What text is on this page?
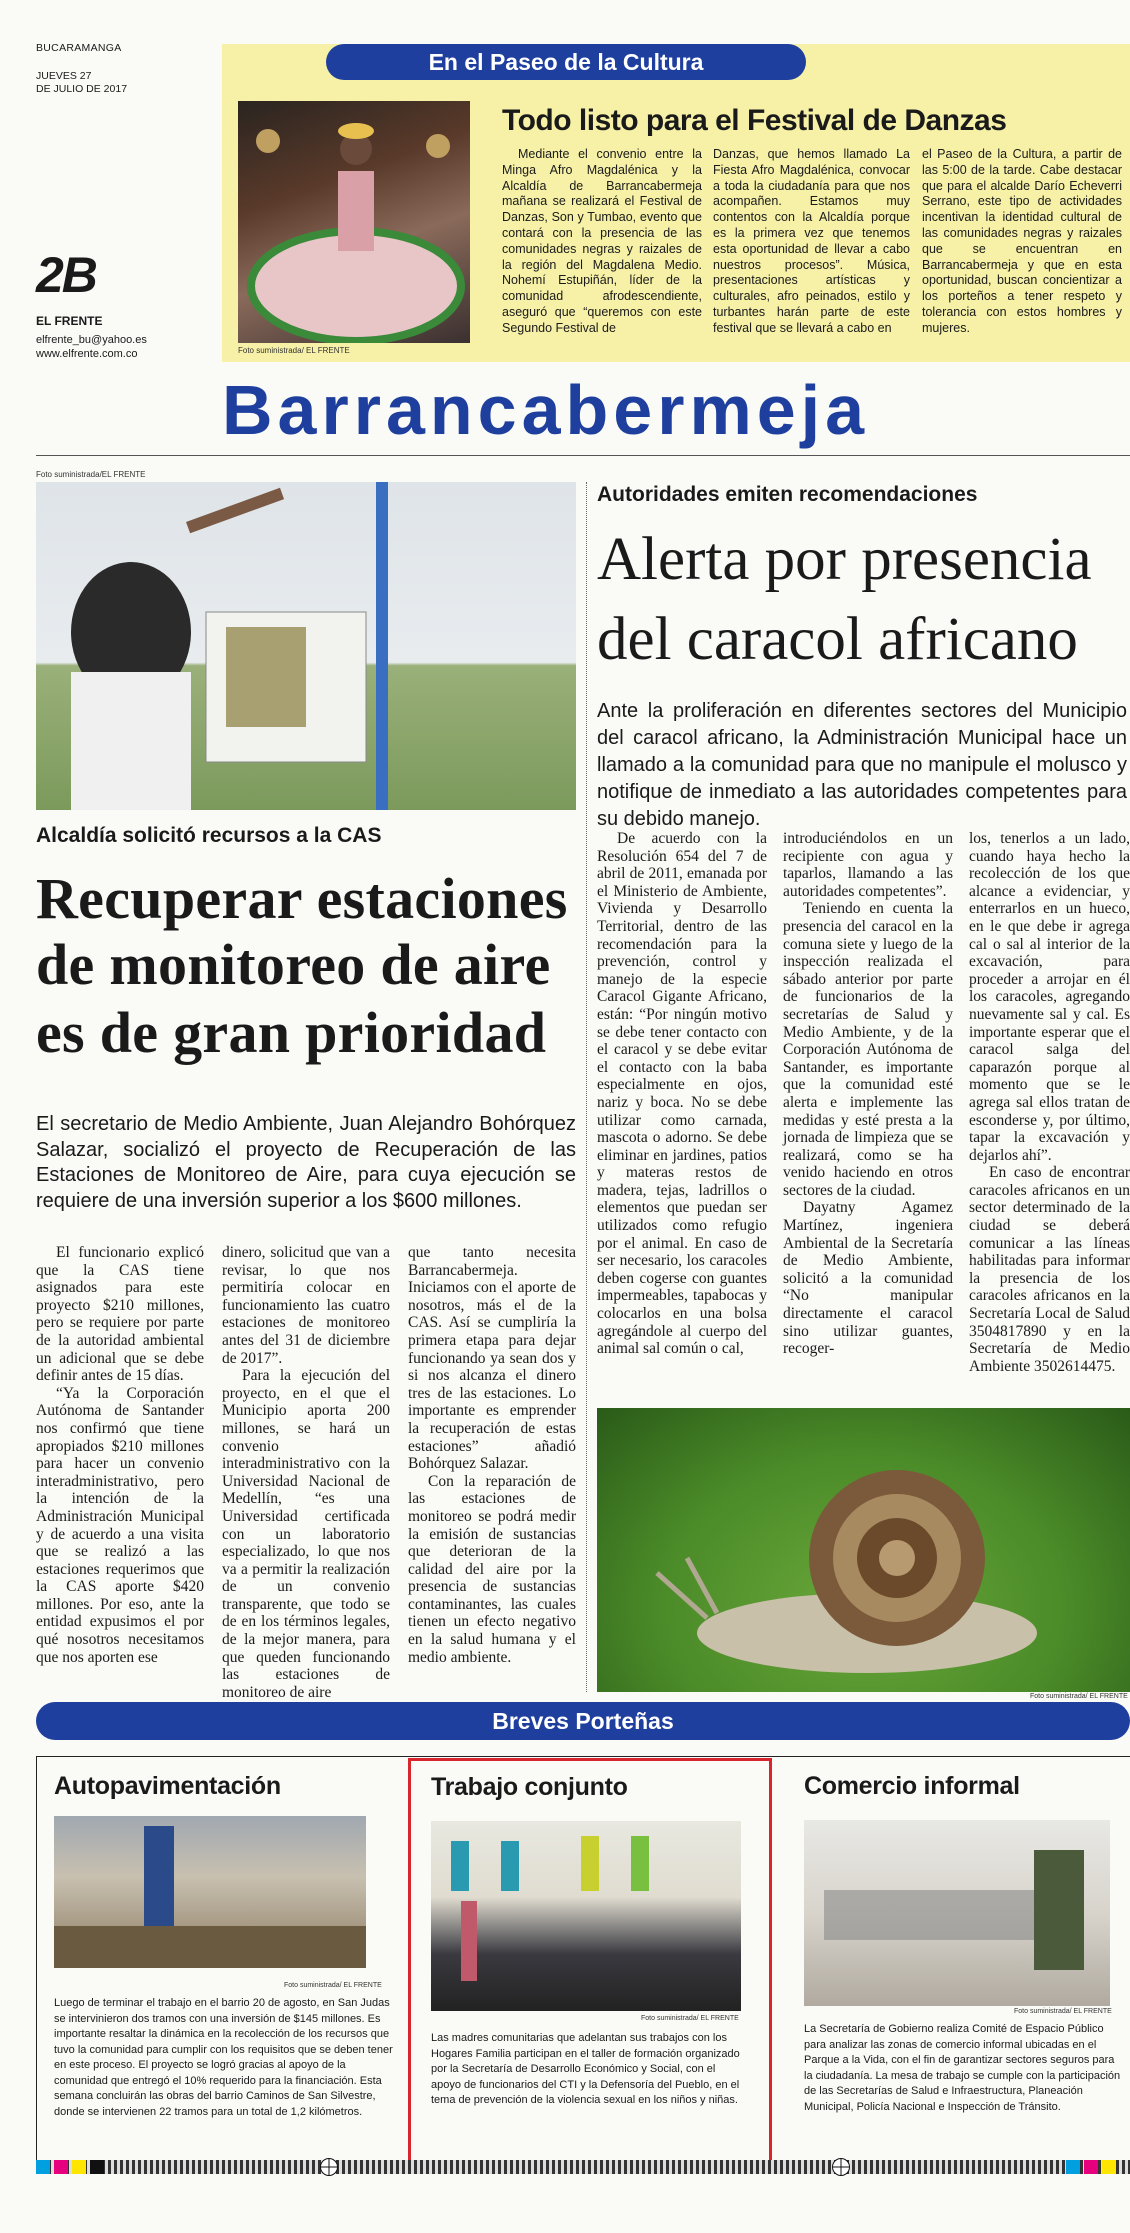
BUCARAMANGA
JUEVES 27
DE JULIO DE 2017
2B
EL FRENTE
elfrente_bu@yahoo.es
www.elfrente.com.co
En el Paseo de la Cultura
Foto suministrada/ EL FRENTE
Todo listo para el Festival de Danzas
Mediante el convenio entre la Minga Afro Magdalénica y la Alcaldía de Barrancabermeja mañana se realizará el Festival de Danzas, Son y Tumbao, evento que contará con la presencia de las comunidades negras y raizales de la región del Magdalena Medio. Nohemí Estupiñán, líder de la comunidad afrodescendiente, aseguró que “queremos con este Segundo Festival de
Danzas, que hemos llamado La Fiesta Afro Magdalénica, convocar a toda la ciudadanía para que nos acompañen. Estamos muy contentos con la Alcaldía porque es la primera vez que tenemos esta oportunidad de llevar a cabo nuestros procesos”. Música, presentaciones artísticas y culturales, afro peinados, estilo y turbantes harán parte de este festival que se llevará a cabo en
el Paseo de la Cultura, a partir de las 5:00 de la tarde. Cabe destacar que para el alcalde Darío Echeverri Serrano, este tipo de actividades incentivan la identidad cultural de las comunidades negras y raizales que se encuentran en Barrancabermeja y que en esta oportunidad, buscan concientizar a los porteños a tener respeto y tolerancia con estos hombres y mujeres.
Barrancabermeja
Foto suministrada/EL FRENTE
Alcaldía solicitó recursos a la CAS
Recuperar estaciones
de monitoreo de aire
es de gran prioridad
El secretario de Medio Ambiente, Juan Alejandro Bohórquez Salazar, socializó el proyecto de Recuperación de las Estaciones de Monitoreo de Aire, para cuya ejecución se requiere de una inversión superior a los $600 millones.

El funcionario explicó que la CAS tiene asignados para este proyecto $210 millones, pero se requiere por parte de la autoridad ambiental un adicional que se debe definir antes de 15 días.

“Ya la Corporación Autónoma de Santander nos confirmó que tiene apropiados $210 millones para hacer un convenio interadministrativo, pero la intención de la Administración Municipal y de acuerdo a una visita que se realizó a las estaciones requerimos que la CAS aporte $420 millones. Por eso, ante la entidad expusimos el por qué nosotros necesitamos que nos aporten ese

dinero, solicitud que van a revisar, lo que nos permitiría colocar en funcionamiento las cuatro estaciones de monitoreo antes del 31 de diciembre de 2017”.

Para la ejecución del proyecto, en el que el Municipio aporta 200 millones, se hará un convenio interadministrativo con la Universidad Nacional de Medellín, “es una Universidad certificada con un laboratorio especializado, lo que nos va a permitir la realización de un convenio transparente, que todo se de en los términos legales, de la mejor manera, para que queden funcionando las estaciones de monitoreo de aire

que tanto necesita Barrancabermeja. Iniciamos con el aporte de nosotros, más el de la CAS. Así se cumpliría la primera etapa para dejar funcionando ya sean dos y si nos alcanza el dinero tres de las estaciones. Lo importante es emprender la recuperación de estas estaciones” añadió Bohórquez Salazar.

Con la reparación de las estaciones de monitoreo se podrá medir la emisión de sustancias que deterioran de la calidad del aire por la presencia de sustancias contaminantes, las cuales tienen un efecto negativo en la salud humana y el medio ambiente.

Autoridades emiten recomendaciones
Alerta por presencia
del caracol africano
Ante la proliferación en diferentes sectores del Municipio del caracol africano, la Administración Municipal hace un llamado a la comunidad para que no manipule el molusco y notifique de inmediato a las autoridades competentes para su debido manejo.

De acuerdo con la Resolución 654 del 7 de abril de 2011, emanada por el Ministerio de Ambiente, Vivienda y Desarrollo Territorial, dentro de las recomendación para la prevención, control y manejo de la especie Caracol Gigante Africano, están: “Por ningún motivo se debe tener contacto con el caracol y se debe evitar el contacto con la baba especialmente en ojos, nariz y boca. No se debe utilizar como carnada, mascota o adorno. Se debe eliminar en jardines, patios y materas restos de madera, tejas, ladrillos o elementos que puedan ser utilizados como refugio por el animal. En caso de ser necesario, los caracoles deben cogerse con guantes impermeables, tapabocas y colocarlos en una bolsa agregándole al cuerpo del animal sal común o cal,

introduciéndolos en un recipiente con agua y taparlos, llamando a las autoridades competentes”.

Teniendo en cuenta la presencia del caracol en la comuna siete y luego de la inspección realizada el sábado anterior por parte de funcionarios de la secretarías de Salud y Medio Ambiente, y de la Corporación Autónoma de Santander, es importante que la comunidad esté alerta e implemente las medidas y esté presta a la jornada de limpieza que se realizará, como se ha venido haciendo en otros sectores de la ciudad.

Dayatny Agamez Martínez, ingeniera Ambiental de la Secretaría de Medio Ambiente, solicitó a la comunidad “No manipular directamente el caracol sino utilizar guantes, recoger-

los, tenerlos a un lado, cuando haya hecho la recolección de los que alcance a evidenciar, y enterrarlos en un hueco, en le que debe ir agrega cal o sal al interior de la excavación, para proceder a arrojar en él los caracoles, agregando nuevamente sal y cal. Es importante esperar que el caracol salga del caparazón porque al momento que se le agrega sal ellos tratan de esconderse y, por último, tapar la excavación y dejarlos ahí”.

En caso de encontrar caracoles africanos en un sector determinado de la ciudad se deberá comunicar a las líneas habilitadas para informar la presencia de los caracoles africanos en la Secretaría Local de Salud 3504817890 y en la Secretaría de Medio Ambiente 3502614475.

Foto suministrada/ EL FRENTE
Breves Porteñas
Autopavimentación
Foto suministrada/ EL FRENTE
Luego de terminar el trabajo en el barrio 20 de agosto, en San Judas se intervinieron dos tramos con una inversión de $145 millones. Es importante resaltar la dinámica en la recolección de los recursos que tuvo la comunidad para cumplir con los requisitos que se deben tener en este proceso. El proyecto se logró gracias al apoyo de la comunidad que entregó el 10% requerido para la financiación. Esta semana concluirán las obras del barrio Caminos de San Silvestre, donde se intervienen 22 tramos para un total de 1,2 kilómetros.
Trabajo conjunto
Foto suministrada/ EL FRENTE
Las madres comunitarias que adelantan sus trabajos con los Hogares Familia participan en el taller de formación organizado por la Secretaría de Desarrollo Económico y Social, con el apoyo de funcionarios del CTI y la Defensoría del Pueblo, en el tema de prevención de la violencia sexual en los niños y niñas.
Comercio informal
Foto suministrada/ EL FRENTE
La Secretaría de Gobierno realiza Comité de Espacio Público para analizar las zonas de comercio informal ubicadas en el Parque a la Vida, con el fin de garantizar sectores seguros para la ciudadanía. La mesa de trabajo se cumple con la participación de las Secretarías de Salud e Infraestructura, Planeación Municipal, Policía Nacional e Inspección de Tránsito.
